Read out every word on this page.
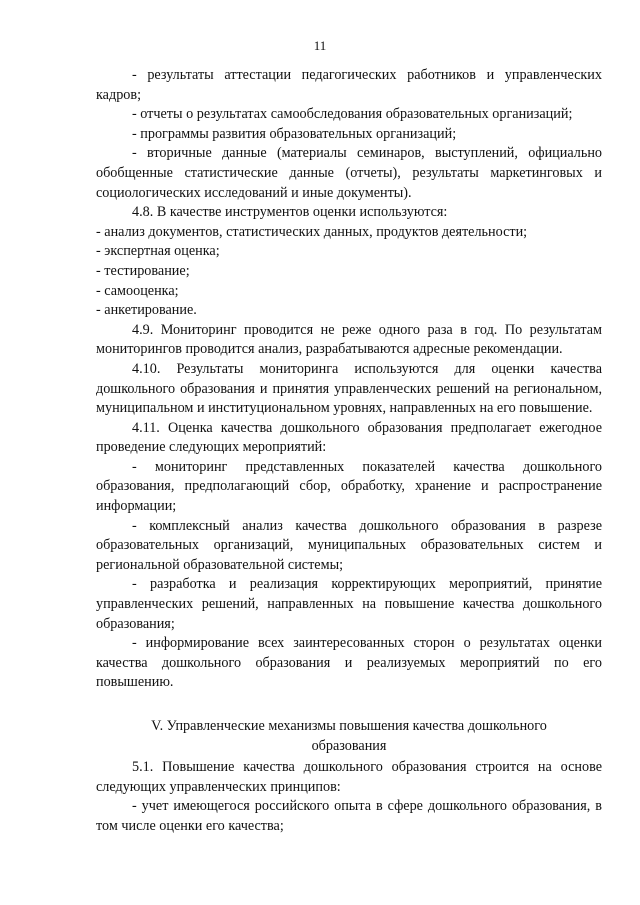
11

- результаты аттестации педагогических работников и управленческих кадров;

- отчеты о результатах самообследования образовательных организаций;

- программы развития образовательных организаций;

- вторичные данные (материалы семинаров, выступлений, официально обобщенные статистические данные (отчеты), результаты маркетинговых и социологических исследований и иные документы).

4.8. В качестве инструментов оценки используются:

- анализ документов, статистических данных, продуктов деятельности;

- экспертная оценка;

- тестирование;

- самооценка;

- анкетирование.

4.9. Мониторинг проводится не реже одного раза в год. По результатам мониторингов проводится анализ, разрабатываются адресные рекомендации.

4.10. Результаты мониторинга используются для оценки качества дошкольного образования и принятия управленческих решений на региональном, муниципальном и институциональном уровнях, направленных на его повышение.

4.11. Оценка качества дошкольного образования предполагает ежегодное проведение следующих мероприятий:

- мониторинг представленных показателей качества дошкольного образования, предполагающий сбор, обработку, хранение и распространение информации;

- комплексный анализ качества дошкольного образования в разрезе образовательных организаций, муниципальных образовательных систем и региональной образовательной системы;

- разработка и реализация корректирующих мероприятий, принятие управленческих решений, направленных на повышение качества дошкольного образования;

- информирование всех заинтересованных сторон о результатах оценки качества дошкольного образования и реализуемых мероприятий по его повышению.

V. Управленческие механизмы повышения качества дошкольного образования

5.1. Повышение качества дошкольного образования строится на основе следующих управленческих принципов:

- учет имеющегося российского опыта в сфере дошкольного образования, в том числе оценки его качества;
